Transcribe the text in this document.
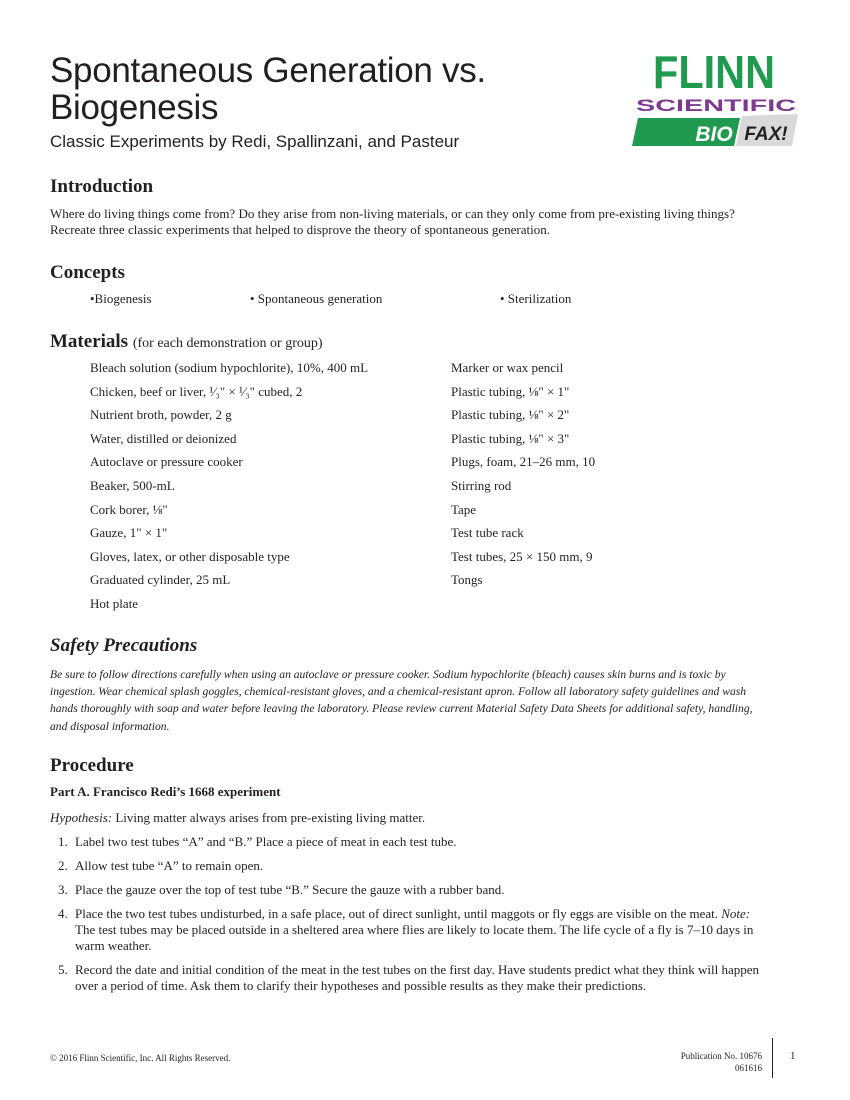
Spontaneous Generation vs.
Biogenesis

Classic Experiments by Redi, Spallinzani, and Pasteur

FLINN
SCIENTIFIC
BIO FAX!
Introduction

Where do living things come from? Do they arise from non-living materials, or can they only come from pre-existing living things? Recreate three classic experiments that helped to disprove the theory of spontaneous generation.

Concepts
•Biogenesis	• Spontaneous generation	• Sterilization
Materials (for each demonstration or group)
Bleach solution (sodium hypochlorite), 10%, 400 mL
Chicken, beef or liver, ¹⁄₃" × ¹⁄₃" cubed, 2
Nutrient broth, powder, 2 g
Water, distilled or deionized
Autoclave or pressure cooker
Beaker, 500-mL
Cork borer, ⅛"
Gauze, 1" × 1"
Gloves, latex, or other disposable type
Graduated cylinder, 25 mL
Hot plate
Marker or wax pencil
Plastic tubing, ⅛" × 1"
Plastic tubing, ⅛" × 2"
Plastic tubing, ⅛" × 3"
Plugs, foam, 21–26 mm, 10
Stirring rod
Tape
Test tube rack
Test tubes, 25 × 150 mm, 9
Tongs
Safety Precautions

Be sure to follow directions carefully when using an autoclave or pressure cooker. Sodium hypochlorite (bleach) causes skin burns and is toxic by ingestion. Wear chemical splash goggles, chemical-resistant gloves, and a chemical-resistant apron. Follow all laboratory safety guidelines and wash hands thoroughly with soap and water before leaving the laboratory. Please review current Material Safety Data Sheets for additional safety, handling, and disposal information.

Procedure

Part A. Francisco Redi’s 1668 experiment

Hypothesis: Living matter always arises from pre-existing living matter.

1. Label two test tubes “A” and “B.” Place a piece of meat in each test tube.
2. Allow test tube “A” to remain open.
3. Place the gauze over the top of test tube “B.” Secure the gauze with a rubber band.
4. Place the two test tubes undisturbed, in a safe place, out of direct sunlight, until maggots or fly eggs are visible on the meat. Note: The test tubes may be placed outside in a sheltered area where flies are likely to locate them. The life cycle of a fly is 7–10 days in warm weather.
5. Record the date and initial condition of the meat in the test tubes on the first day. Have students predict what they think will happen over a period of time. Ask them to clarify their hypotheses and possible results as they make their predictions.
© 2016 Flinn Scientific, Inc. All Rights Reserved.	Publication No. 10676
061616
1
